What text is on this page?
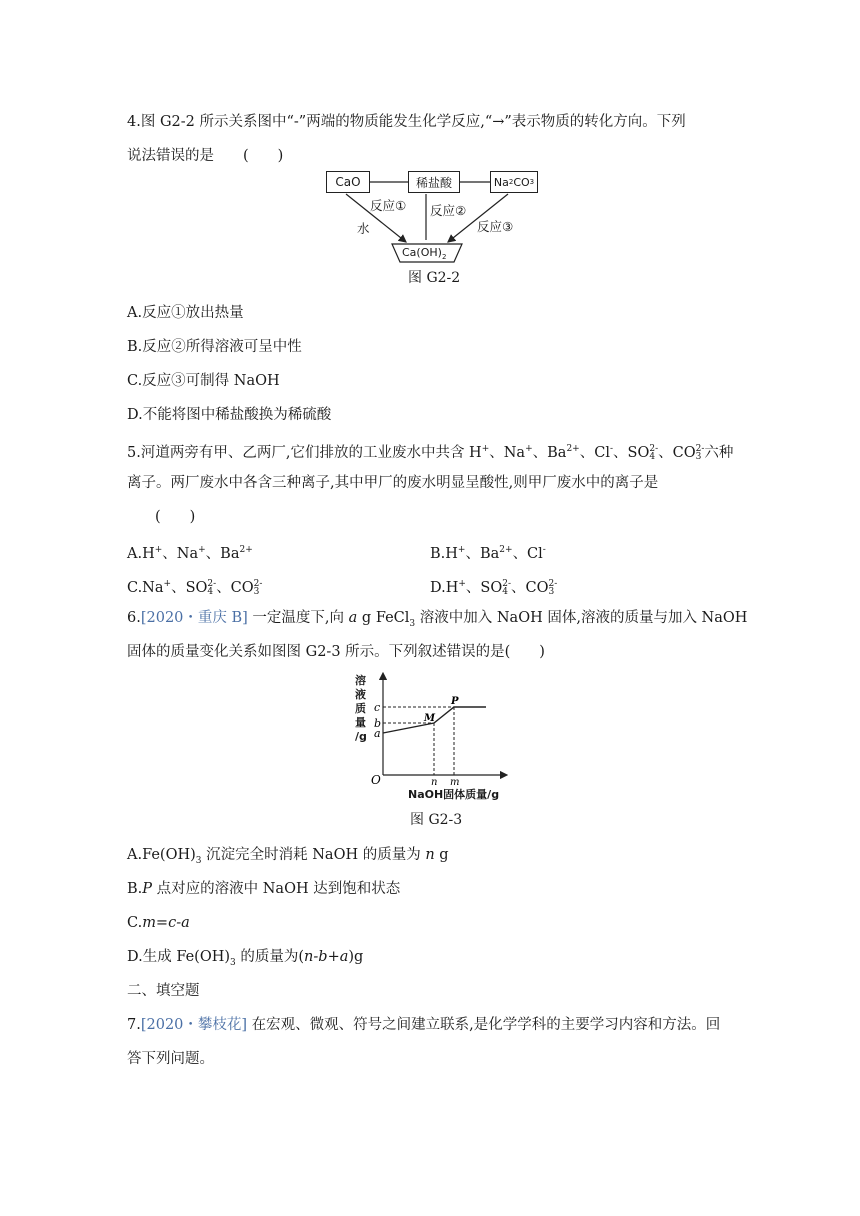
4.图 G2-2 所示关系图中“-”两端的物质能发生化学反应,“→”表示物质的转化方向。下列
说法错误的是　　(　　)
CaO	稀盐酸	Na 2 CO 3
$Ca(OH)_2$
反应① 反应②
反应③
水
图 G2-2
A.反应①放出热量
B.反应②所得溶液可呈中性
C.反应③可制得 NaOH
D.不能将图中稀盐酸换为稀硫酸
5.河道两旁有甲、乙两厂,它们排放的工业废水中共含 H+、Na+、$Ba^{2+}$、Cl-、SO 2-
4 、CO 2-
3 六种
离子。两厂废水中各含三种离子,其中甲厂的废水明显呈酸性,则甲厂废水中的离子是
(　　)
A.H+、Na+、$Ba^{2+}$	B.H+、$Ba^{2+}$、Cl-
C.Na+、SO 2-
4 、CO 2-
3	D.H+、SO 2-
4 、CO 2-
3
6.[2020・重庆 B] 一定温度下,向 a g FeCl$_3$ 溶液中加入 NaOH 固体,溶液的质量与加入 NaOH
固体的质量变化关系如图图 G2-3 所示。下列叙述错误的是(　　)
O
a
b
c
n m
M
P
溶
液
质
量
/g
NaOH固体质量/g
图 G2-3
$A.Fe(OH)_3$ 沉淀完全时消耗 NaOH 的质量为 n g
B.P 点对应的溶液中 NaOH 达到饱和状态
C.m=c-a
D.生成 $Fe(OH)_3$ 的质量为(n-b+a)g
二、填空题
7.[2020・攀枝花] 在宏观、微观、符号之间建立联系,是化学学科的主要学习内容和方法。回
答下列问题。
